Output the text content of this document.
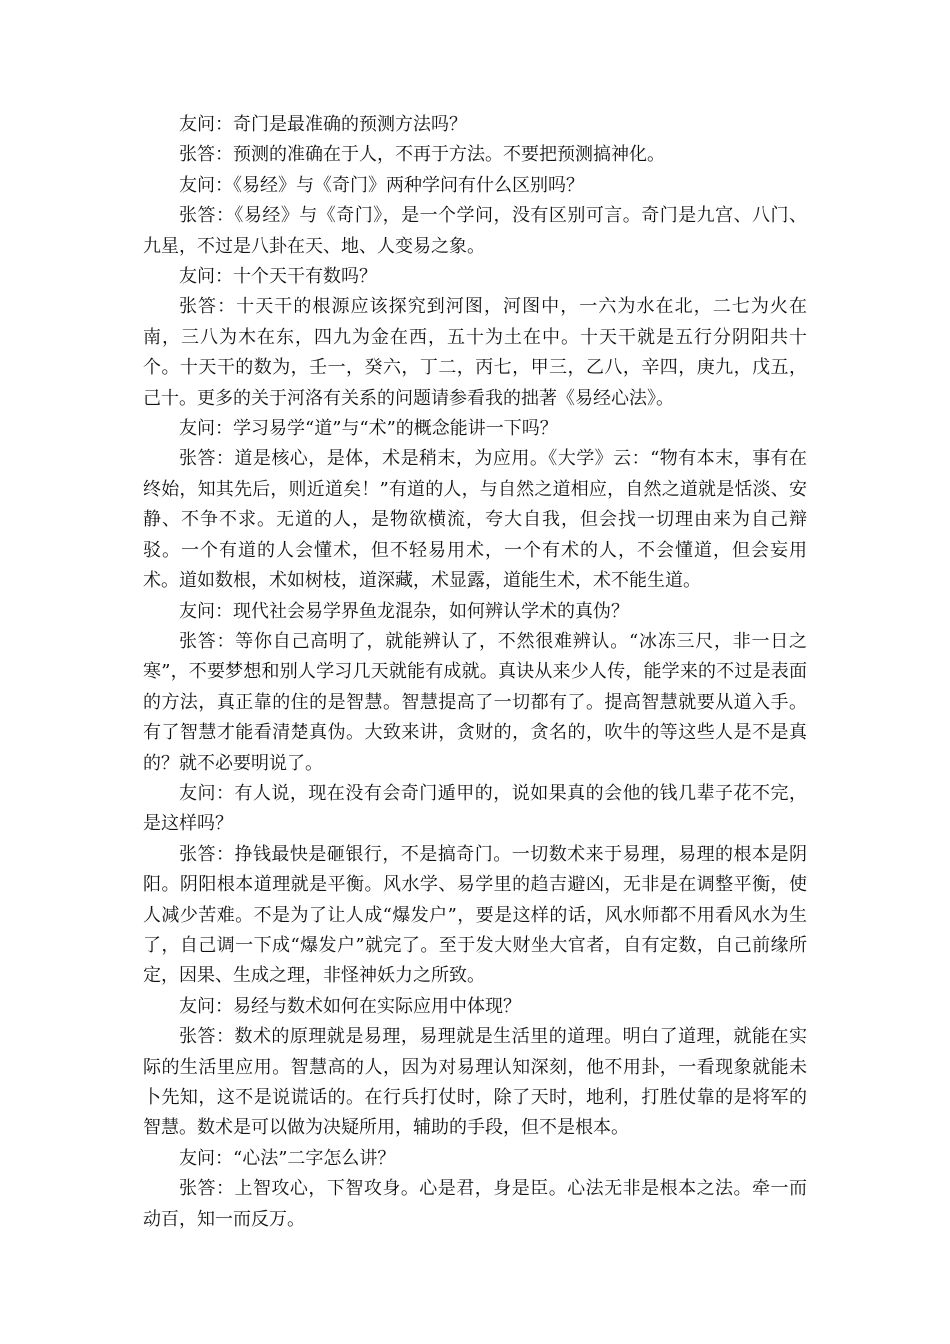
友问：奇门是最准确的预测方法吗？

张答：预测的准确在于人，不再于方法。不要把预测搞神化。

友问：《易经》与《奇门》两种学问有什么区别吗？

张答：《易经》与《奇门》，是一个学问，没有区别可言。奇门是九宫、八门、九星，不过是八卦在天、地、人变易之象。

友问：十个天干有数吗？

张答：十天干的根源应该探究到河图，河图中，一六为水在北，二七为火在南，三八为木在东，四九为金在西，五十为土在中。十天干就是五行分阴阳共十个。十天干的数为，壬一，癸六，丁二，丙七，甲三，乙八，辛四，庚九，戊五，己十。更多的关于河洛有关系的问题请参看我的拙著《易经心法》。

友问：学习易学“道”与“术”的概念能讲一下吗？

张答：道是核心，是体，术是稍末，为应用。《大学》云：“物有本末，事有在终始，知其先后，则近道矣！”有道的人，与自然之道相应，自然之道就是恬淡、安静、不争不求。无道的人，是物欲横流，夸大自我，但会找一切理由来为自己辩驳。一个有道的人会懂术，但不轻易用术，一个有术的人，不会懂道，但会妄用术。道如数根，术如树枝，道深藏，术显露，道能生术，术不能生道。

友问：现代社会易学界鱼龙混杂，如何辨认学术的真伪？

张答：等你自己高明了，就能辨认了，不然很难辨认。“冰冻三尺，非一日之寒”，不要梦想和别人学习几天就能有成就。真诀从来少人传，能学来的不过是表面的方法，真正靠的住的是智慧。智慧提高了一切都有了。提高智慧就要从道入手。有了智慧才能看清楚真伪。大致来讲，贪财的，贪名的，吹牛的等这些人是不是真的？就不必要明说了。

友问：有人说，现在没有会奇门遁甲的，说如果真的会他的钱几辈子花不完，是这样吗？

张答：挣钱最快是砸银行，不是搞奇门。一切数术来于易理，易理的根本是阴阳。阴阳根本道理就是平衡。风水学、易学里的趋吉避凶，无非是在调整平衡，使人减少苦难。不是为了让人成“爆发户”，要是这样的话，风水师都不用看风水为生了，自己调一下成“爆发户”就完了。至于发大财坐大官者，自有定数，自己前缘所定，因果、生成之理，非怪神妖力之所致。

友问：易经与数术如何在实际应用中体现？

张答：数术的原理就是易理，易理就是生活里的道理。明白了道理，就能在实际的生活里应用。智慧高的人，因为对易理认知深刻，他不用卦，一看现象就能未卜先知，这不是说谎话的。在行兵打仗时，除了天时，地利，打胜仗靠的是将军的智慧。数术是可以做为决疑所用，辅助的手段，但不是根本。

友问：“心法”二字怎么讲？

张答：上智攻心，下智攻身。心是君，身是臣。心法无非是根本之法。牵一而动百，知一而反万。
